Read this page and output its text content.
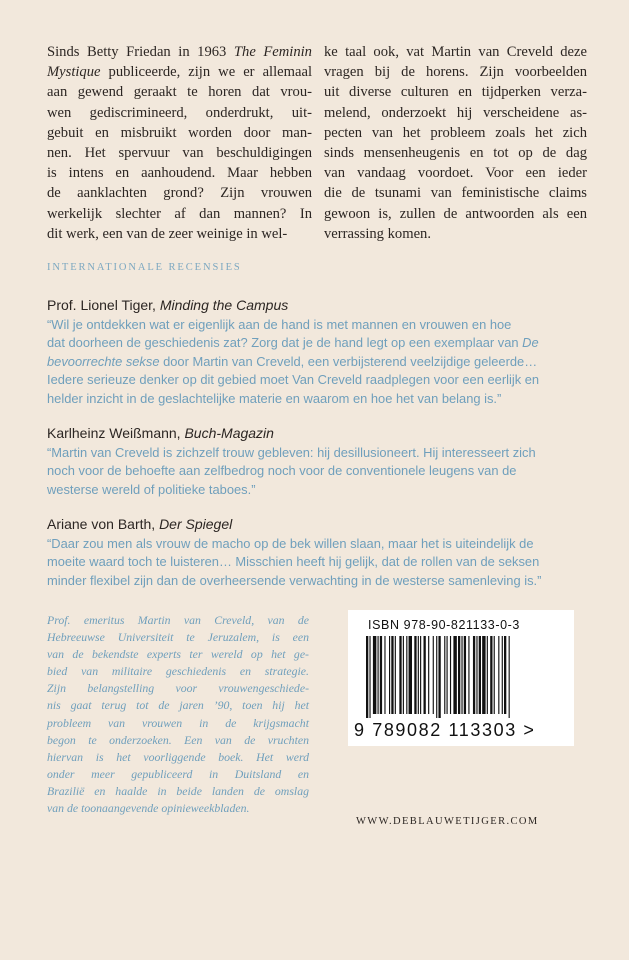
Sinds Betty Friedan in 1963 The Feminin
Mystique publiceerde, zijn we er allemaal
aan gewend geraakt te horen dat vrou-
wen gediscrimineerd, onderdrukt, uit-
gebuit en misbruikt worden door man-
nen. Het spervuur van beschuldigingen
is intens en aanhoudend. Maar hebben
de aanklachten grond? Zijn vrouwen
werkelijk slechter af dan mannen? In
dit werk, een van de zeer weinige in wel-
ke taal ook, vat Martin van Creveld deze
vragen bij de horens. Zijn voorbeelden
uit diverse culturen en tijdperken verza-
melend, onderzoekt hij verscheidene as-
pecten van het probleem zoals het zich
sinds mensenheugenis en tot op de dag
van vandaag voordoet. Voor een ieder
die de tsunami van feministische claims
gewoon is, zullen de antwoorden als een
verrassing komen.
INTERNATIONALE RECENSIES
Prof. Lionel Tiger, Minding the Campus
“Wil je ontdekken wat er eigenlijk aan de hand is met mannen en vrouwen en hoe
dat doorheen de geschiedenis zat? Zorg dat je de hand legt op een exemplaar van De
bevoorrechte sekse door Martin van Creveld, een verbijsterend veelzijdige geleerde…
Iedere serieuze denker op dit gebied moet Van Creveld raadplegen voor een eerlijk en
helder inzicht in de geslachtelijke materie en waarom en hoe het van belang is.”
Karlheinz Weißmann, Buch-Magazin
“Martin van Creveld is zichzelf trouw gebleven: hij desillusioneert. Hij interesseert zich
noch voor de behoefte aan zelfbedrog noch voor de conventionele leugens van de
westerse wereld of politieke taboes.”
Ariane von Barth, Der Spiegel
“Daar zou men als vrouw de macho op de bek willen slaan, maar het is uiteindelijk de
moeite waard toch te luisteren… Misschien heeft hij gelijk, dat de rollen van de seksen
minder flexibel zijn dan de overheersende verwachting in de westerse samenleving is.”
Prof. emeritus Martin van Creveld, van de
Hebreeuwse Universiteit te Jeruzalem, is een
van de bekendste experts ter wereld op het ge-
bied van militaire geschiedenis en strategie.
Zijn belangstelling voor vrouwengeschiede-
nis gaat terug tot de jaren ’90, toen hij het
probleem van vrouwen in de krijgsmacht
begon te onderzoeken. Een van de vruchten
hiervan is het voorliggende boek. Het werd
onder meer gepubliceerd in Duitsland en
Brazilië en haalde in beide landen de omslag
van de toonaangevende opinieweekbladen.
ISBN 978-90-821133-0-3
9 789082 113303 >
WWW.DEBLAUWETIJGER.COM
